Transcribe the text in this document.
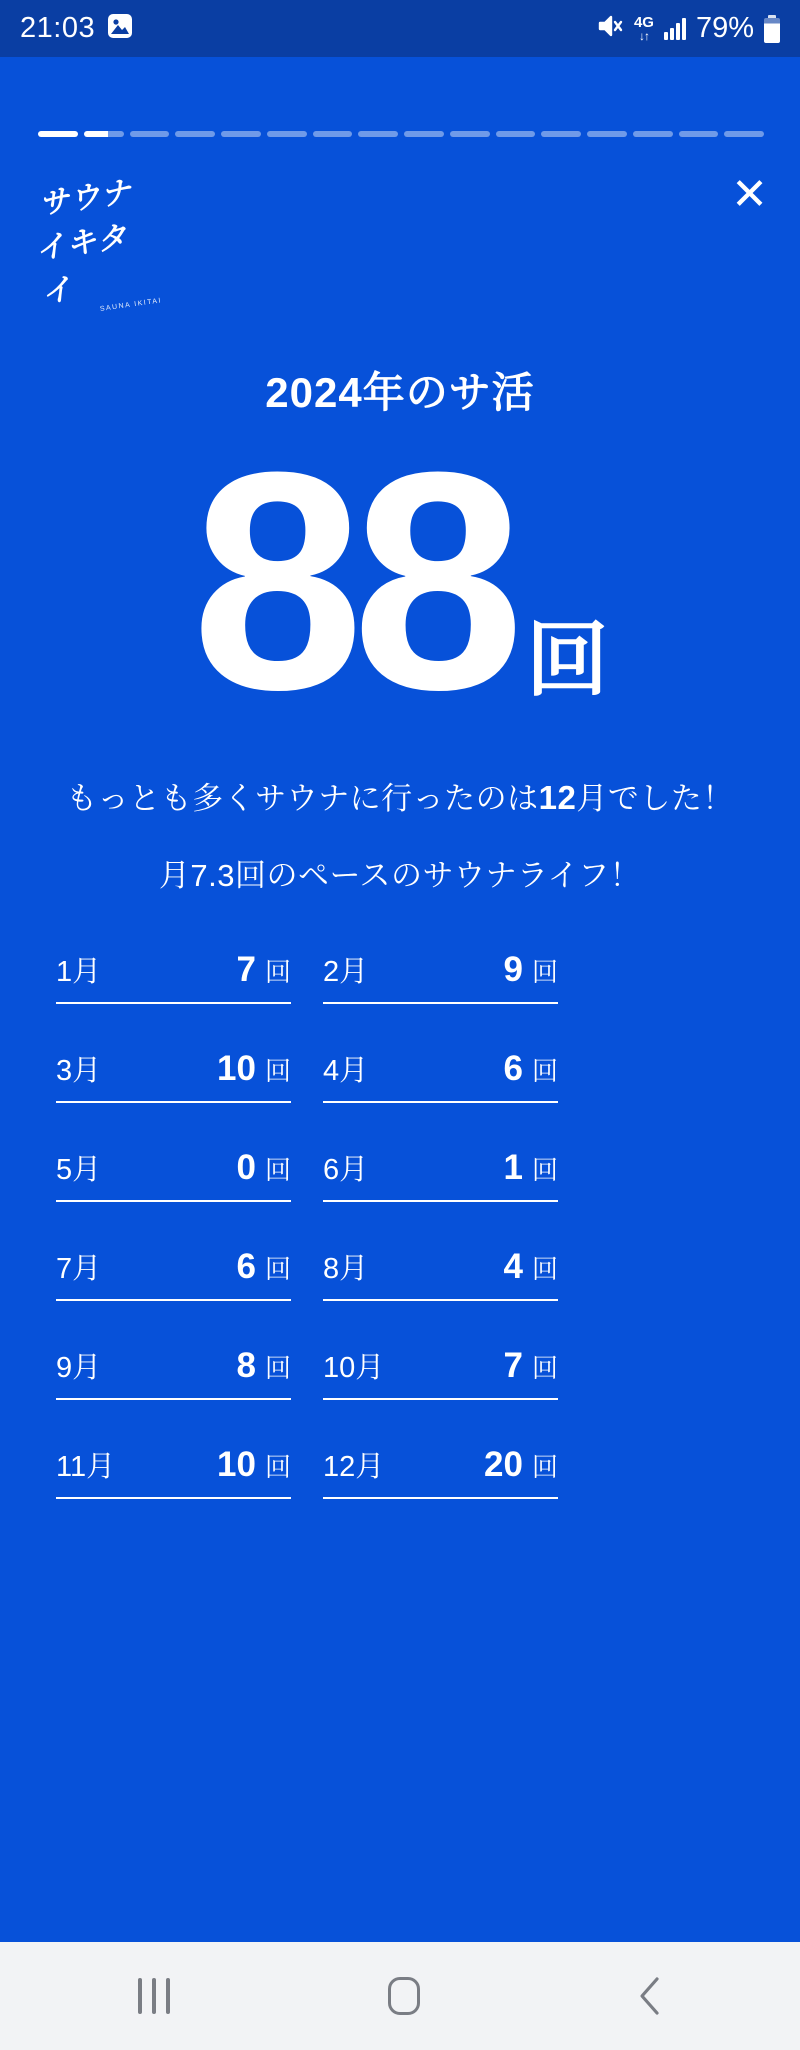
21:03	4G
↓↑ 79%
サウナ
イキタイ	SAUNA IKITAI
✕
2024年のサ活
88 回

もっとも多くサウナに行ったのは12月でした！

月7.3回のペースのサウナライフ！

1月	7 回 2月	9 回
3月	10 回 4月	6 回
5月	0 回 6月	1 回
7月	6 回 8月	4 回
9月	8 回 10月	7 回
11月	10 回 12月	20 回
